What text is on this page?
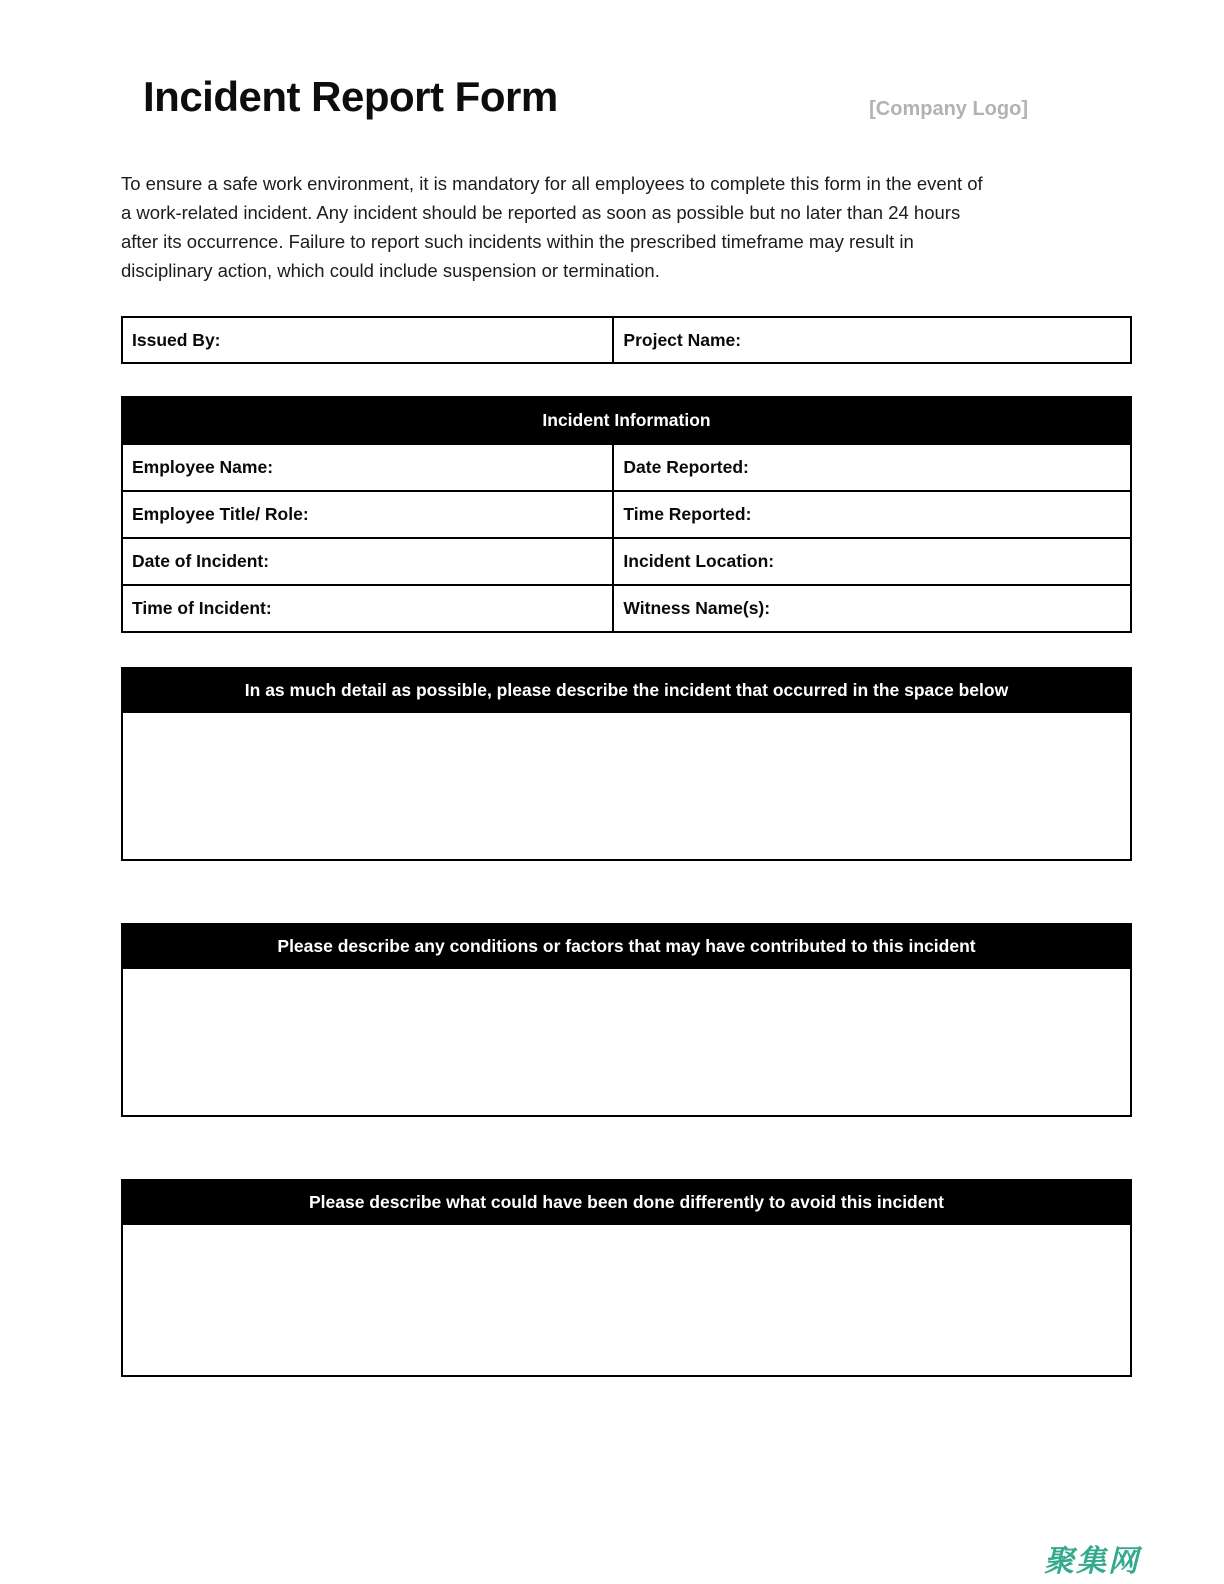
Incident Report Form	[Company Logo]
To ensure a safe work environment, it is mandatory for all employees to complete this form in the event of
a work-related incident. Any incident should be reported as soon as possible but no later than 24 hours
after its occurrence. Failure to report such incidents within the prescribed timeframe may result in
disciplinary action, which could include suspension or termination.
Issued By:	Project Name:
Incident Information
Employee Name:	Date Reported:
Employee Title/ Role:	Time Reported:
Date of Incident:	Incident Location:
Time of Incident:	Witness Name(s):
In as much detail as possible, please describe the incident that occurred in the space below
Please describe any conditions or factors that may have contributed to this incident
Please describe what could have been done differently to avoid this incident
聚集网
